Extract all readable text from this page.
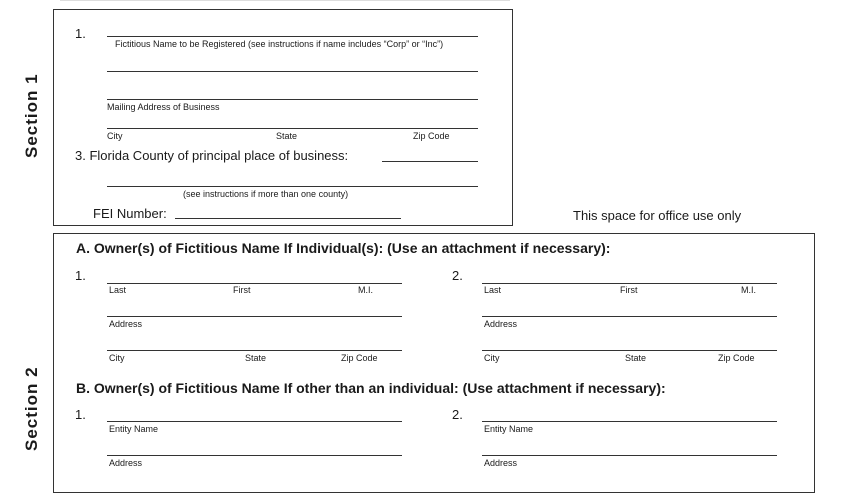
Section 1
1.
Fictitious Name to be Registered (see instructions if name includes “Corp” or “Inc”)
Mailing Address of Business
City	State	Zip Code
3. Florida County of principal place of business:
(see instructions if more than one county)
FEI Number:	This space for office use only
Section 2
A. Owner(s) of Fictitious Name If Individual(s): (Use an attachment if necessary):
1.
Last	First	M.I.
Address
City	State	Zip Code
2.
Last	First	M.I.
Address
City	State	Zip Code
B. Owner(s) of Fictitious Name If other than an individual: (Use attachment if necessary):
1.
Entity Name
Address
2.
Entity Name
Address
